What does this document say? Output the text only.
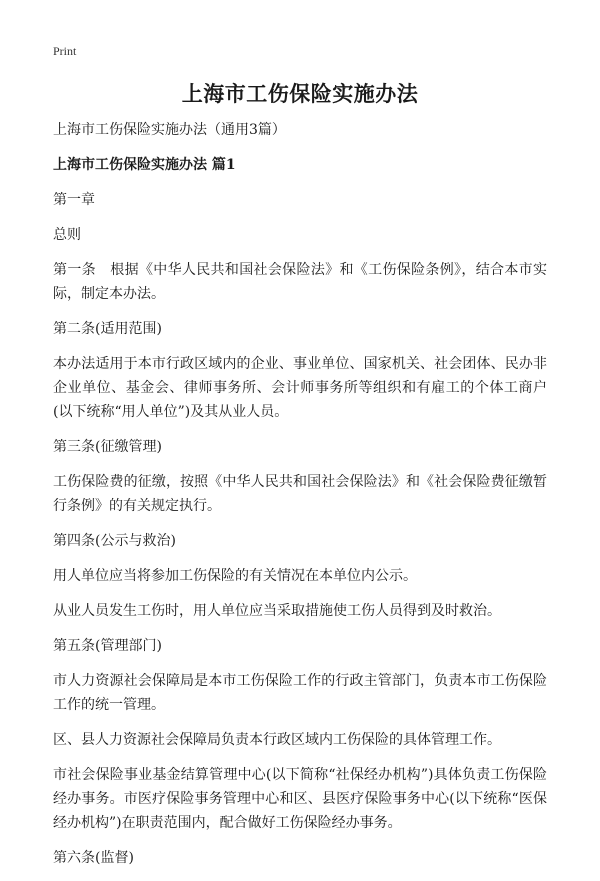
Print
上海市工伤保险实施办法

上海市工伤保险实施办法（通用3篇）

上海市工伤保险实施办法 篇1

第一章

总则

第一条　根据《中华人民共和国社会保险法》和《工伤保险条例》，结合本市实际，制定本办法。

第二条(适用范围)

本办法适用于本市行政区域内的企业、事业单位、国家机关、社会团体、民办非企业单位、基金会、律师事务所、会计师事务所等组织和有雇工的个体工商户(以下统称“用人单位”)及其从业人员。

第三条(征缴管理)

工伤保险费的征缴，按照《中华人民共和国社会保险法》和《社会保险费征缴暂行条例》的有关规定执行。

第四条(公示与救治)

用人单位应当将参加工伤保险的有关情况在本单位内公示。

从业人员发生工伤时，用人单位应当采取措施使工伤人员得到及时救治。

第五条(管理部门)

市人力资源社会保障局是本市工伤保险工作的行政主管部门，负责本市工伤保险工作的统一管理。

区、县人力资源社会保障局负责本行政区域内工伤保险的具体管理工作。

市社会保险事业基金结算管理中心(以下简称“社保经办机构”)具体负责工伤保险经办事务。市医疗保险事务管理中心和区、县医疗保险事务中心(以下统称“医保经办机构”)在职责范围内，配合做好工伤保险经办事务。

第六条(监督)
